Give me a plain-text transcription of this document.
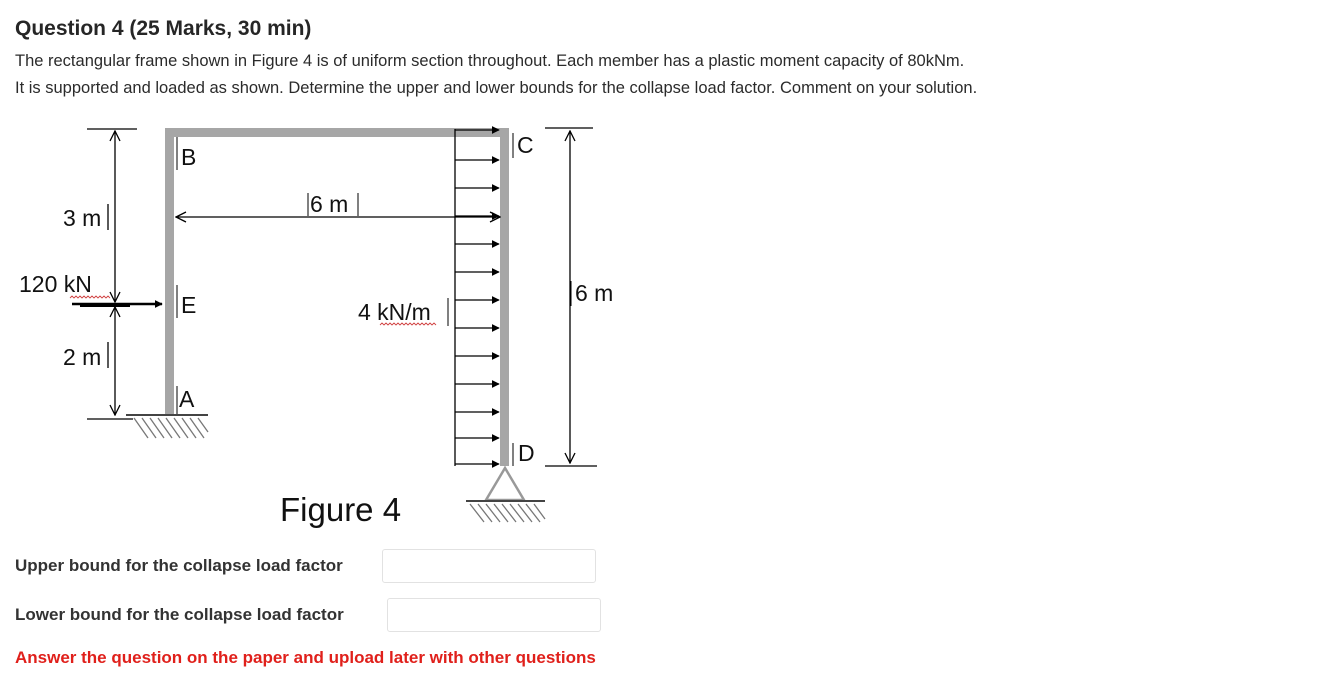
Question 4 (25 Marks, 30 min)

The rectangular frame shown in Figure 4 is of uniform section throughout. Each member has a plastic moment capacity of 80kNm.

It is supported and loaded as shown. Determine the upper and lower bounds for the collapse load factor. Comment on your solution.

B	C
E
A
D
3 m
2 m
6 m
6 m
120 kN
4 kN/m
Figure 4
Upper bound for the collapse load factor
Lower bound for the collapse load factor
Answer the question on the paper and upload later with other questions
